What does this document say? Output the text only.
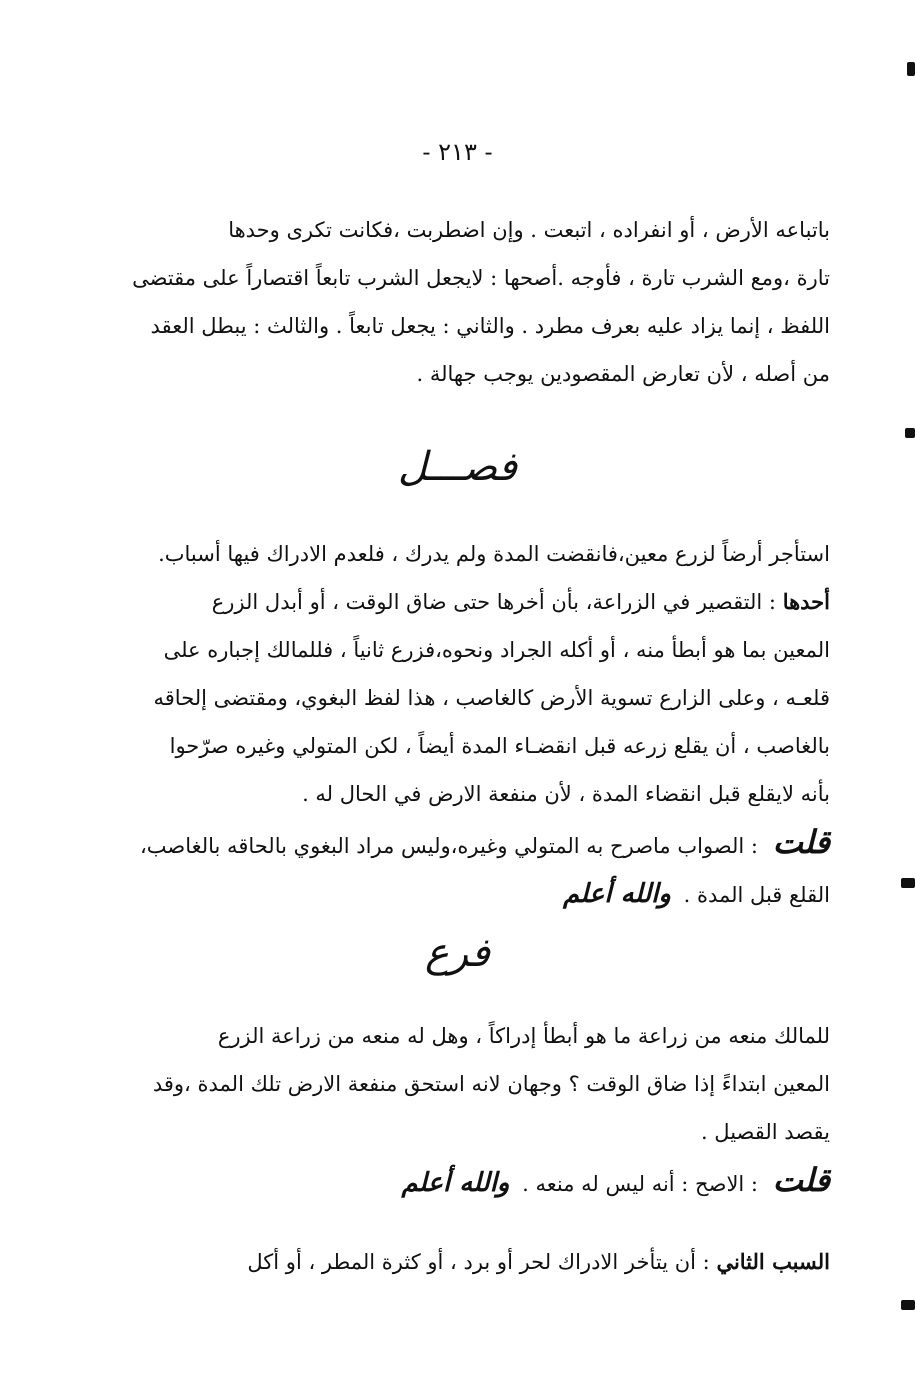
- ٢١٣ -

باتباعه الأرض ، أو انفراده ، اتبعت . وإن اضطربت ،فكانت تكرى وحدها

تارة ،ومع الشرب تارة ، فأوجه .أصحها : لايجعل الشرب تابعاً اقتصاراً على مقتضى

اللفظ ، إنما يزاد عليه بعرف مطرد . والثاني : يجعل تابعاً . والثالث : يبطل العقد

من أصله ، لأن تعارض المقصودين يوجب جهالة .

فصـــل

استأجر أرضاً لزرع معين،فانقضت المدة ولم يدرك ، فلعدم الادراك فيها أسباب.

أحدها : التقصير في الزراعة، بأن أخرها حتى ضاق الوقت ، أو أبدل الزرع

المعين بما هو أبطأ منه ، أو أكله الجراد ونحوه،فزرع ثانياً ، فللمالك إجباره على

قلعـه ، وعلى الزارع تسوية الأرض كالغاصب ، هذا لفظ البغوي، ومقتضى إلحاقه

بالغاصب ، أن يقلع زرعه قبل انقضـاء المدة أيضاً ، لكن المتولي وغيره صرّحوا

بأنه لايقلع قبل انقضاء المدة ، لأن منفعة الارض في الحال له .

قلت : الصواب ماصرح به المتولي وغيره،وليس مراد البغوي بالحاقه بالغاصب،

القلع قبل المدة . والله أعلم

فرع

للمالك منعه من زراعة ما هو أبطأ إدراكاً ، وهل له منعه من زراعة الزرع

المعين ابتداءً إذا ضاق الوقت ؟ وجهان لانه استحق منفعة الارض تلك المدة ،وقد

يقصد القصيل .

قلت : الاصح : أنه ليس له منعه . والله أعلم

السبب الثاني : أن يتأخر الادراك لحر أو برد ، أو كثرة المطر ، أو أكل
